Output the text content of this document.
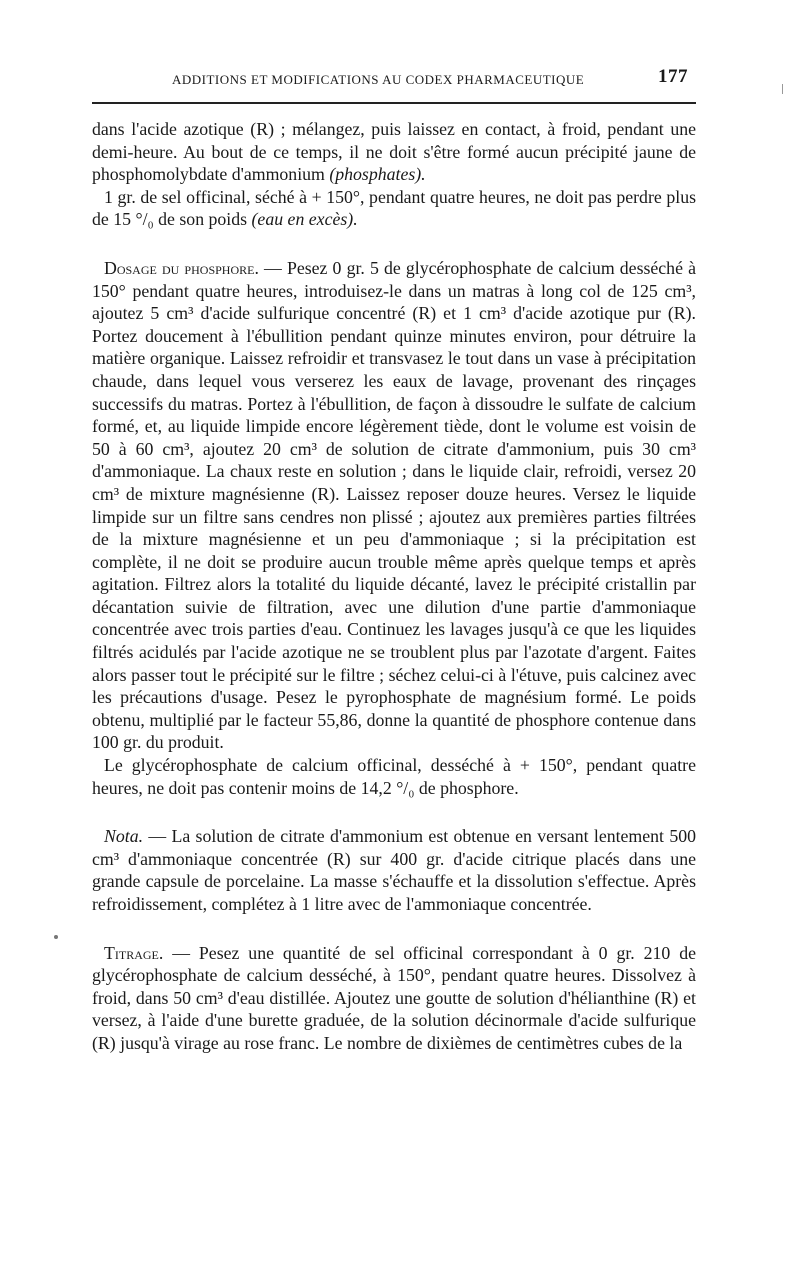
ADDITIONS ET MODIFICATIONS AU CODEX PHARMACEUTIQUE	177

dans l'acide azotique (R) ; mélangez, puis laissez en contact, à froid, pendant une demi-heure. Au bout de ce temps, il ne doit s'être formé aucun précipité jaune de phosphomolybdate d'ammonium (phosphates).

1 gr. de sel officinal, séché à + 150°, pendant quatre heures, ne doit pas perdre plus de 15 °/₀ de son poids (eau en excès).

Dosage du phosphore. — Pesez 0 gr. 5 de glycérophosphate de calcium desséché à 150° pendant quatre heures, introduisez-le dans un matras à long col de 125 cm³, ajoutez 5 cm³ d'acide sulfurique concentré (R) et 1 cm³ d'acide azotique pur (R). Portez doucement à l'ébullition pendant quinze minutes environ, pour détruire la matière organique. Laissez refroidir et transvasez le tout dans un vase à précipitation chaude, dans lequel vous verserez les eaux de lavage, provenant des rinçages successifs du matras. Portez à l'ébullition, de façon à dissoudre le sulfate de calcium formé, et, au liquide limpide encore légèrement tiède, dont le volume est voisin de 50 à 60 cm³, ajoutez 20 cm³ de solution de citrate d'ammonium, puis 30 cm³ d'ammoniaque. La chaux reste en solution ; dans le liquide clair, refroidi, versez 20 cm³ de mixture magnésienne (R). Laissez reposer douze heures. Versez le liquide limpide sur un filtre sans cendres non plissé ; ajoutez aux premières parties filtrées de la mixture magnésienne et un peu d'ammoniaque ; si la précipitation est complète, il ne doit se produire aucun trouble même après quelque temps et après agitation. Filtrez alors la totalité du liquide décanté, lavez le précipité cristallin par décantation suivie de filtration, avec une dilution d'une partie d'ammoniaque concentrée avec trois parties d'eau. Continuez les lavages jusqu'à ce que les liquides filtrés acidulés par l'acide azotique ne se troublent plus par l'azotate d'argent. Faites alors passer tout le précipité sur le filtre ; séchez celui-ci à l'étuve, puis calcinez avec les précautions d'usage. Pesez le pyrophosphate de magnésium formé. Le poids obtenu, multiplié par le facteur 55,86, donne la quantité de phosphore contenue dans 100 gr. du produit.

Le glycérophosphate de calcium officinal, desséché à + 150°, pendant quatre heures, ne doit pas contenir moins de 14,2 °/₀ de phosphore.

Nota. — La solution de citrate d'ammonium est obtenue en versant lentement 500 cm³ d'ammoniaque concentrée (R) sur 400 gr. d'acide citrique placés dans une grande capsule de porcelaine. La masse s'échauffe et la dissolution s'effectue. Après refroidissement, complétez à 1 litre avec de l'ammoniaque concentrée.

Titrage. — Pesez une quantité de sel officinal correspondant à 0 gr. 210 de glycérophosphate de calcium desséché, à 150°, pendant quatre heures. Dissolvez à froid, dans 50 cm³ d'eau distillée. Ajoutez une goutte de solution d'hélianthine (R) et versez, à l'aide d'une burette graduée, de la solution décinormale d'acide sulfurique (R) jusqu'à virage au rose franc. Le nombre de dixièmes de centimètres cubes de la
